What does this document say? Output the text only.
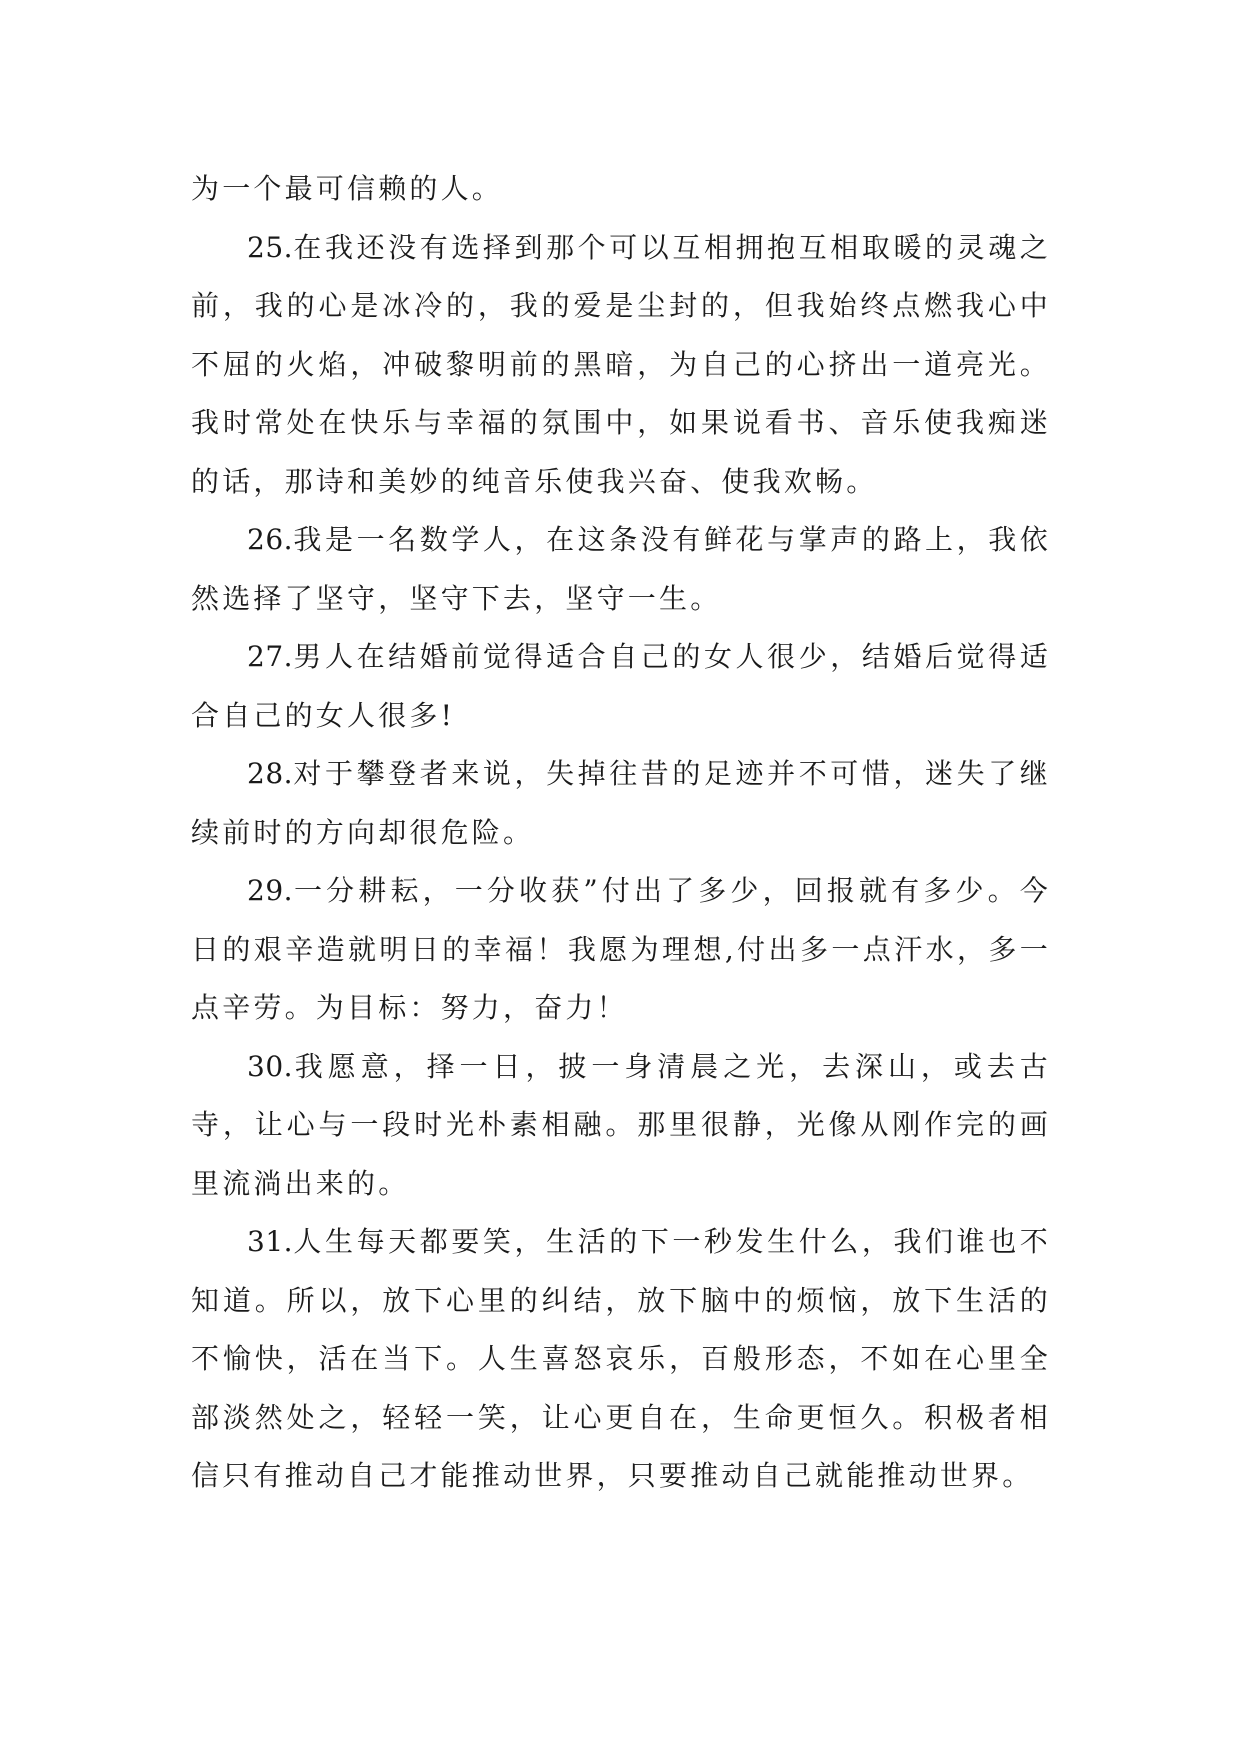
为一个最可信赖的人。

25.在我还没有选择到那个可以互相拥抱互相取暖的灵魂之前，我的心是冰冷的，我的爱是尘封的，但我始终点燃我心中不屈的火焰，冲破黎明前的黑暗，为自己的心挤出一道亮光。我时常处在快乐与幸福的氛围中，如果说看书、音乐使我痴迷的话，那诗和美妙的纯音乐使我兴奋、使我欢畅。

26.我是一名数学人，在这条没有鲜花与掌声的路上，我依然选择了坚守，坚守下去，坚守一生。

27.男人在结婚前觉得适合自己的女人很少，结婚后觉得适合自己的女人很多!

28.对于攀登者来说，失掉往昔的足迹并不可惜，迷失了继续前时的方向却很危险。

29.一分耕耘，一分收获”付出了多少，回报就有多少。今日的艰辛造就明日的幸福！我愿为理想,付出多一点汗水，多一点辛劳。为目标：努力，奋力！

30.我愿意，择一日，披一身清晨之光，去深山，或去古寺，让心与一段时光朴素相融。那里很静，光像从刚作完的画里流淌出来的。

31.人生每天都要笑，生活的下一秒发生什么，我们谁也不知道。所以，放下心里的纠结，放下脑中的烦恼，放下生活的不愉快，活在当下。人生喜怒哀乐，百般形态，不如在心里全部淡然处之，轻轻一笑，让心更自在，生命更恒久。积极者相信只有推动自己才能推动世界，只要推动自己就能推动世界。
